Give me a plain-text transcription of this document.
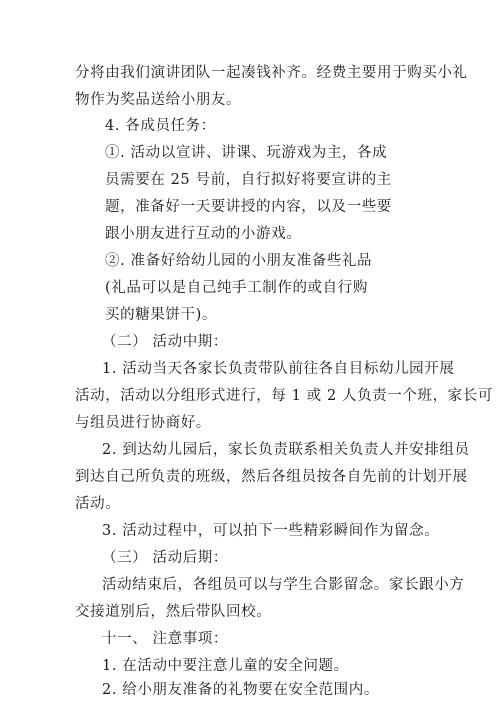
分将由我们演讲团队一起凑钱补齐。经费主要用于购买小礼
物作为奖品送给小朋友。
4. 各成员任务：
①. 活动以宣讲、讲课、玩游戏为主，各成
员需要在 25 号前，自行拟好将要宣讲的主
题，准备好一天要讲授的内容，以及一些要
跟小朋友进行互动的小游戏。
②. 准备好给幼儿园的小朋友准备些礼品
(礼品可以是自己纯手工制作的或自行购
买的糖果饼干)。
（二） 活动中期：
1. 活动当天各家长负责带队前往各自目标幼儿园开展
活动，活动以分组形式进行，每 1 或 2 人负责一个班，家长可
与组员进行协商好。
2. 到达幼儿园后，家长负责联系相关负责人并安排组员
到达自己所负责的班级，然后各组员按各自先前的计划开展
活动。
3. 活动过程中，可以拍下一些精彩瞬间作为留念。
（三） 活动后期：
活动结束后，各组员可以与学生合影留念。家长跟小方
交接道别后，然后带队回校。
十一、 注意事项：
1. 在活动中要注意儿童的安全问题。
2. 给小朋友准备的礼物要在安全范围内。
